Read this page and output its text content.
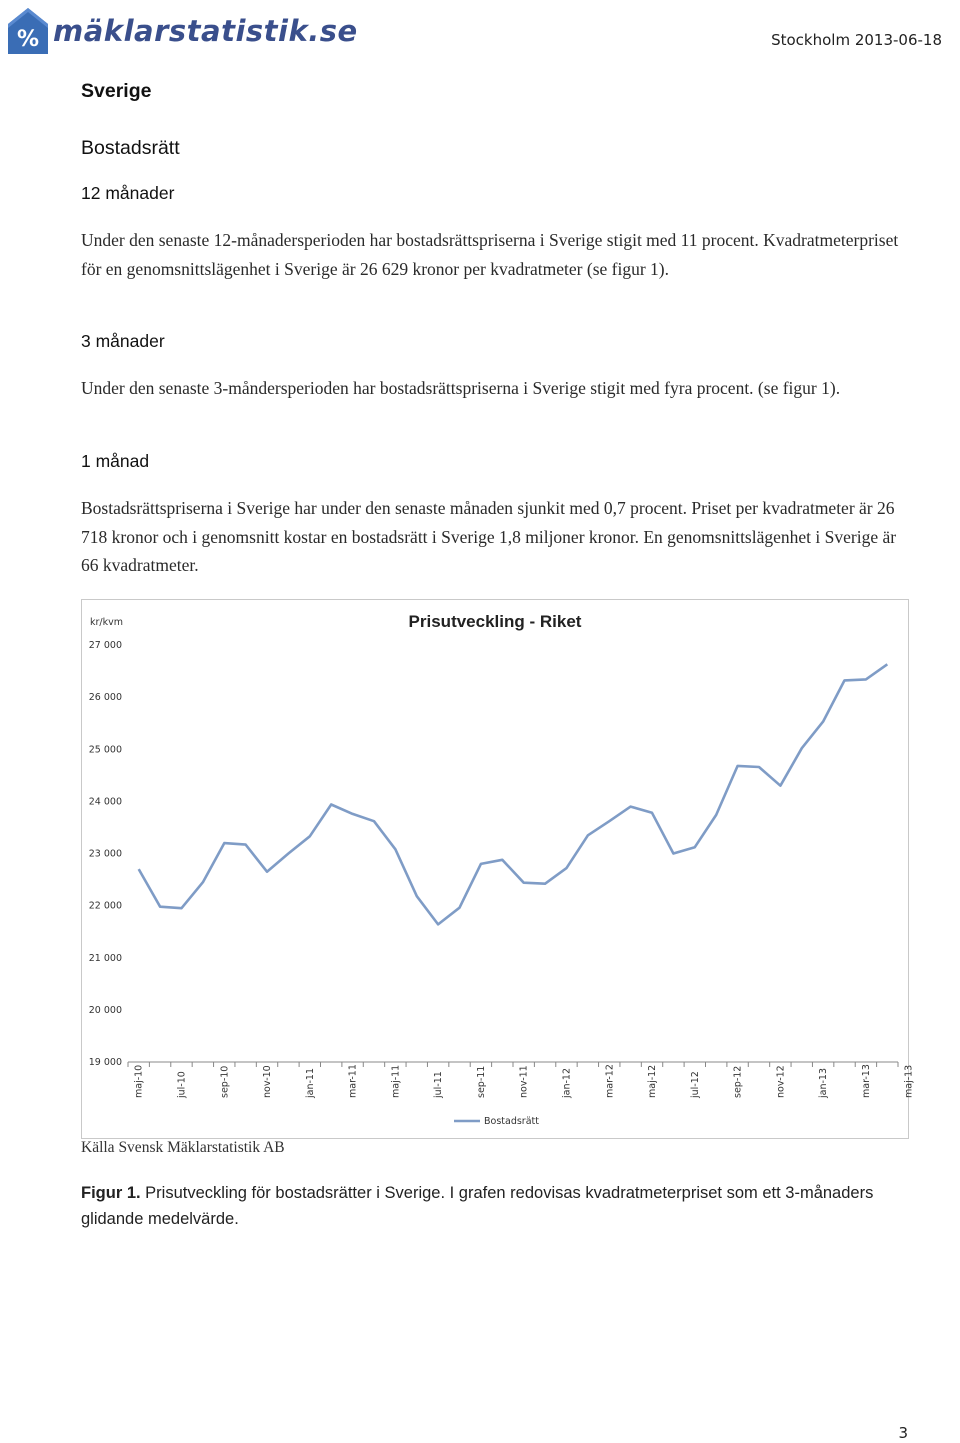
% mäklarstatistik.se	Stockholm 2013-06-18
Sverige
Bostadsrätt
12 månader
Under den senaste 12-månadersperioden har bostadsrättspriserna i Sverige stigit med 11 procent. Kvadratmeterpriset för en genomsnittslägenhet i Sverige är 26 629 kronor per kvadratmeter (se figur 1).
3 månader
Under den senaste 3-måndersperioden har bostadsrättspriserna i Sverige stigit med fyra procent. (se figur 1).
1 månad
Bostadsrättspriserna i Sverige har under den senaste månaden sjunkit med 0,7 procent. Priset per kvadratmeter är 26 718 kronor och i genomsnitt kostar en bostadsrätt i Sverige 1,8 miljoner kronor. En genomsnittslägenhet i Sverige är 66 kvadratmeter.
Prisutveckling - Riket
kr/kvm
19 000
20 000
21 000
22 000
23 000
24 000
25 000
26 000
27 000
maj-10	jul-10	sep-10	nov-10	jan-11	mar-11	maj-11	jul-11	sep-11	nov-11	jan-12	mar-12	maj-12	jul-12	sep-12	nov-12	jan-13	mar-13	maj-13
Bostadsrätt
Källa Svensk Mäklarstatistik AB
Figur 1. Prisutveckling för bostadsrätter i Sverige. I grafen redovisas kvadratmeterpriset som ett 3-månaders glidande medelvärde.
3
